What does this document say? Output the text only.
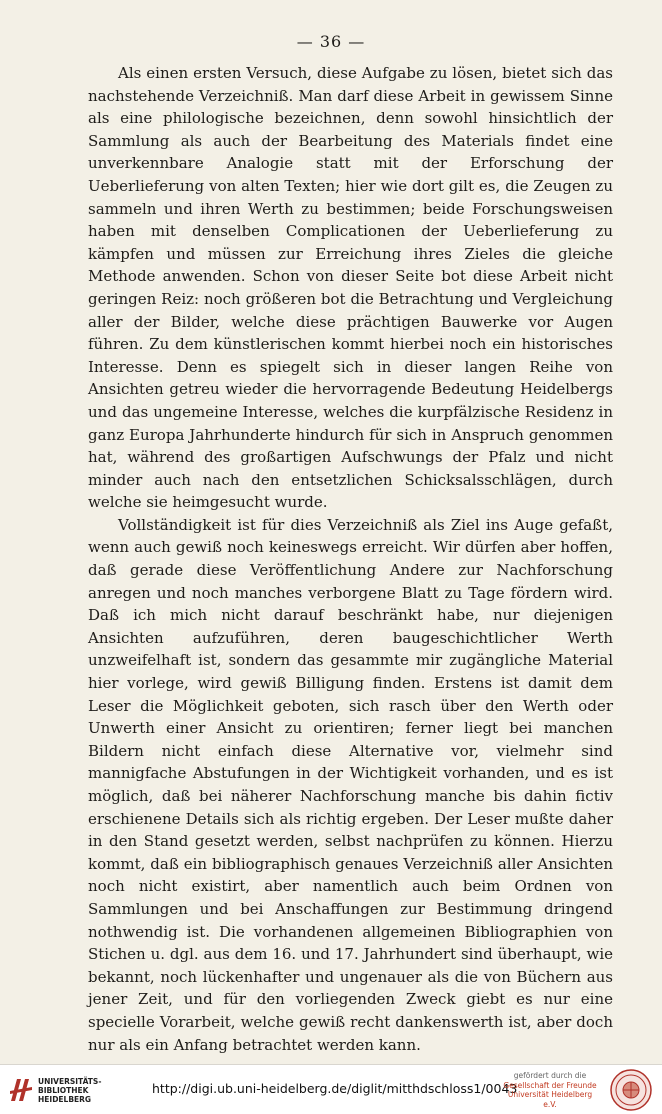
— 36 —

Als einen ersten Versuch, diese Aufgabe zu lösen, bietet sich das nachstehende Verzeichniß. Man darf diese Arbeit in gewissem Sinne als eine philologische bezeichnen, denn sowohl hinsichtlich der Sammlung als auch der Bearbeitung des Materials findet eine unverkennbare Analogie statt mit der Erforschung der Ueberlieferung von alten Texten; hier wie dort gilt es, die Zeugen zu sammeln und ihren Werth zu bestimmen; beide Forschungsweisen haben mit denselben Complicationen der Ueberlieferung zu kämpfen und müssen zur Erreichung ihres Zieles die gleiche Methode anwenden. Schon von dieser Seite bot diese Arbeit nicht geringen Reiz: noch größeren bot die Betrachtung und Vergleichung aller der Bilder, welche diese prächtigen Bauwerke vor Augen führen. Zu dem künstlerischen kommt hierbei noch ein historisches Interesse. Denn es spiegelt sich in dieser langen Reihe von Ansichten getreu wieder die hervorragende Bedeutung Heidelbergs und das ungemeine Interesse, welches die kurpfälzische Residenz in ganz Europa Jahrhunderte hindurch für sich in Anspruch genommen hat, während des großartigen Aufschwungs der Pfalz und nicht minder auch nach den entsetzlichen Schicksalsschlägen, durch welche sie heimgesucht wurde.

Vollständigkeit ist für dies Verzeichniß als Ziel ins Auge gefaßt, wenn auch gewiß noch keineswegs erreicht. Wir dürfen aber hoffen, daß gerade diese Veröffentlichung Andere zur Nachforschung anregen und noch manches verborgene Blatt zu Tage fördern wird. Daß ich mich nicht darauf beschränkt habe, nur diejenigen Ansichten aufzuführen, deren baugeschichtlicher Werth unzweifelhaft ist, sondern das gesammte mir zugängliche Material hier vorlege, wird gewiß Billigung finden. Erstens ist damit dem Leser die Möglichkeit geboten, sich rasch über den Werth oder Unwerth einer Ansicht zu orientiren; ferner liegt bei manchen Bildern nicht einfach diese Alternative vor, vielmehr sind mannigfache Abstufungen in der Wichtigkeit vorhanden, und es ist möglich, daß bei näherer Nachforschung manche bis dahin fictiv erschienene Details sich als richtig ergeben. Der Leser mußte daher in den Stand gesetzt werden, selbst nachprüfen zu können. Hierzu kommt, daß ein bibliographisch genaues Verzeichniß aller Ansichten noch nicht existirt, aber namentlich auch beim Ordnen von Sammlungen und bei Anschaffungen zur Bestimmung dringend nothwendig ist. Die vorhandenen allgemeinen Bibliographien von Stichen u. dgl. aus dem 16. und 17. Jahrhundert sind überhaupt, wie bekannt, noch lückenhafter und ungenauer als die von Büchern aus jener Zeit, und für den vorliegenden Zweck giebt es nur eine specielle Vorarbeit, welche gewiß recht dankenswerth ist, aber doch nur als ein Anfang betrachtet werden kann.

UNIVERSITÄTS-
BIBLIOTHEK
HEIDELBERG
http://digi.ub.uni-heidelberg.de/diglit/mitthdschloss1/0043
gefördert durch die
Gesellschaft der Freunde
Universität Heidelberg e.V.
